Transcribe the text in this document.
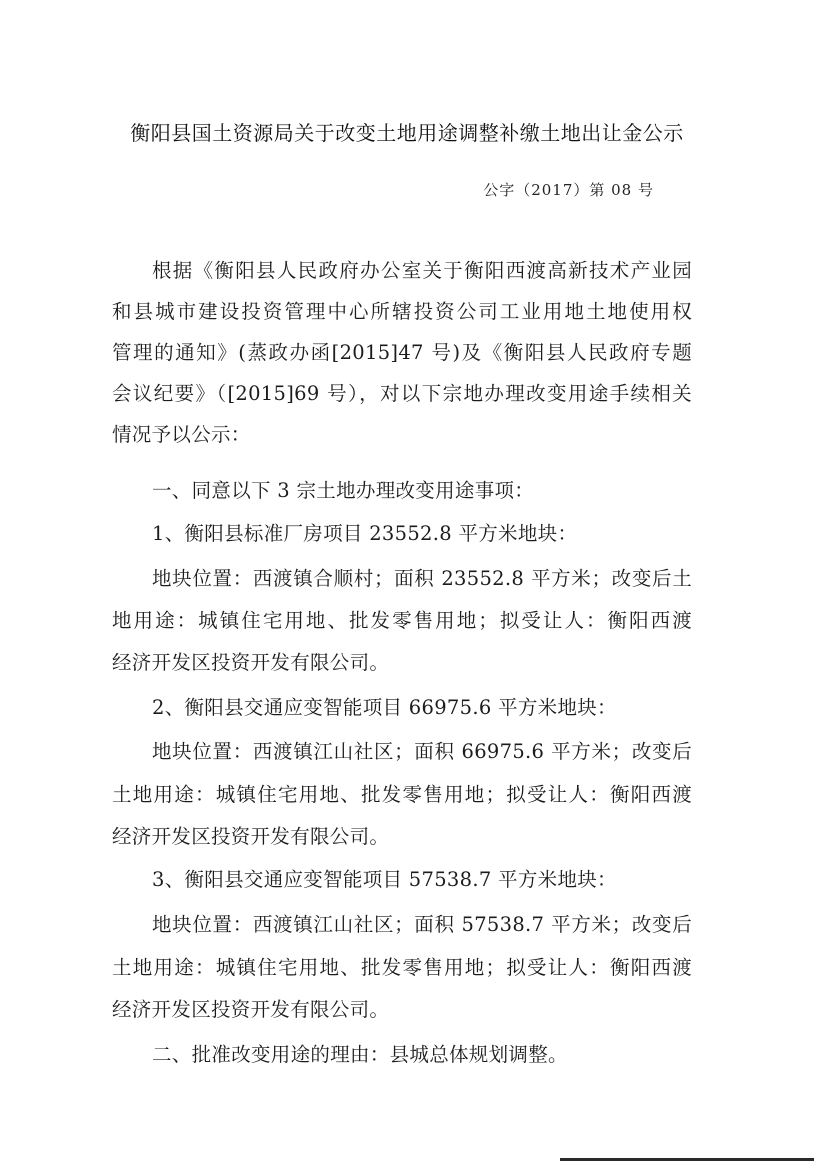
衡阳县国土资源局关于改变土地用途调整补缴土地出让金公示
公字（2017）第 08 号
根据《衡阳县人民政府办公室关于衡阳西渡高新技术产业园
和县城市建设投资管理中心所辖投资公司工业用地土地使用权
管理的通知》(蒸政办函[2015]47 号)及《衡阳县人民政府专题
会议纪要》（[2015]69 号），对以下宗地办理改变用途手续相关
情况予以公示：
一、同意以下 3 宗土地办理改变用途事项：
1、衡阳县标准厂房项目 23552.8 平方米地块：
地块位置：西渡镇合顺村；面积 23552.8 平方米；改变后土
地用途：城镇住宅用地、批发零售用地；拟受让人：衡阳西渡
经济开发区投资开发有限公司。
2、衡阳县交通应变智能项目 66975.6 平方米地块：
地块位置：西渡镇江山社区；面积 66975.6 平方米；改变后
土地用途：城镇住宅用地、批发零售用地；拟受让人：衡阳西渡
经济开发区投资开发有限公司。
3、衡阳县交通应变智能项目 57538.7 平方米地块：
地块位置：西渡镇江山社区；面积 57538.7 平方米；改变后
土地用途：城镇住宅用地、批发零售用地；拟受让人：衡阳西渡
经济开发区投资开发有限公司。
二、批准改变用途的理由：县城总体规划调整。
